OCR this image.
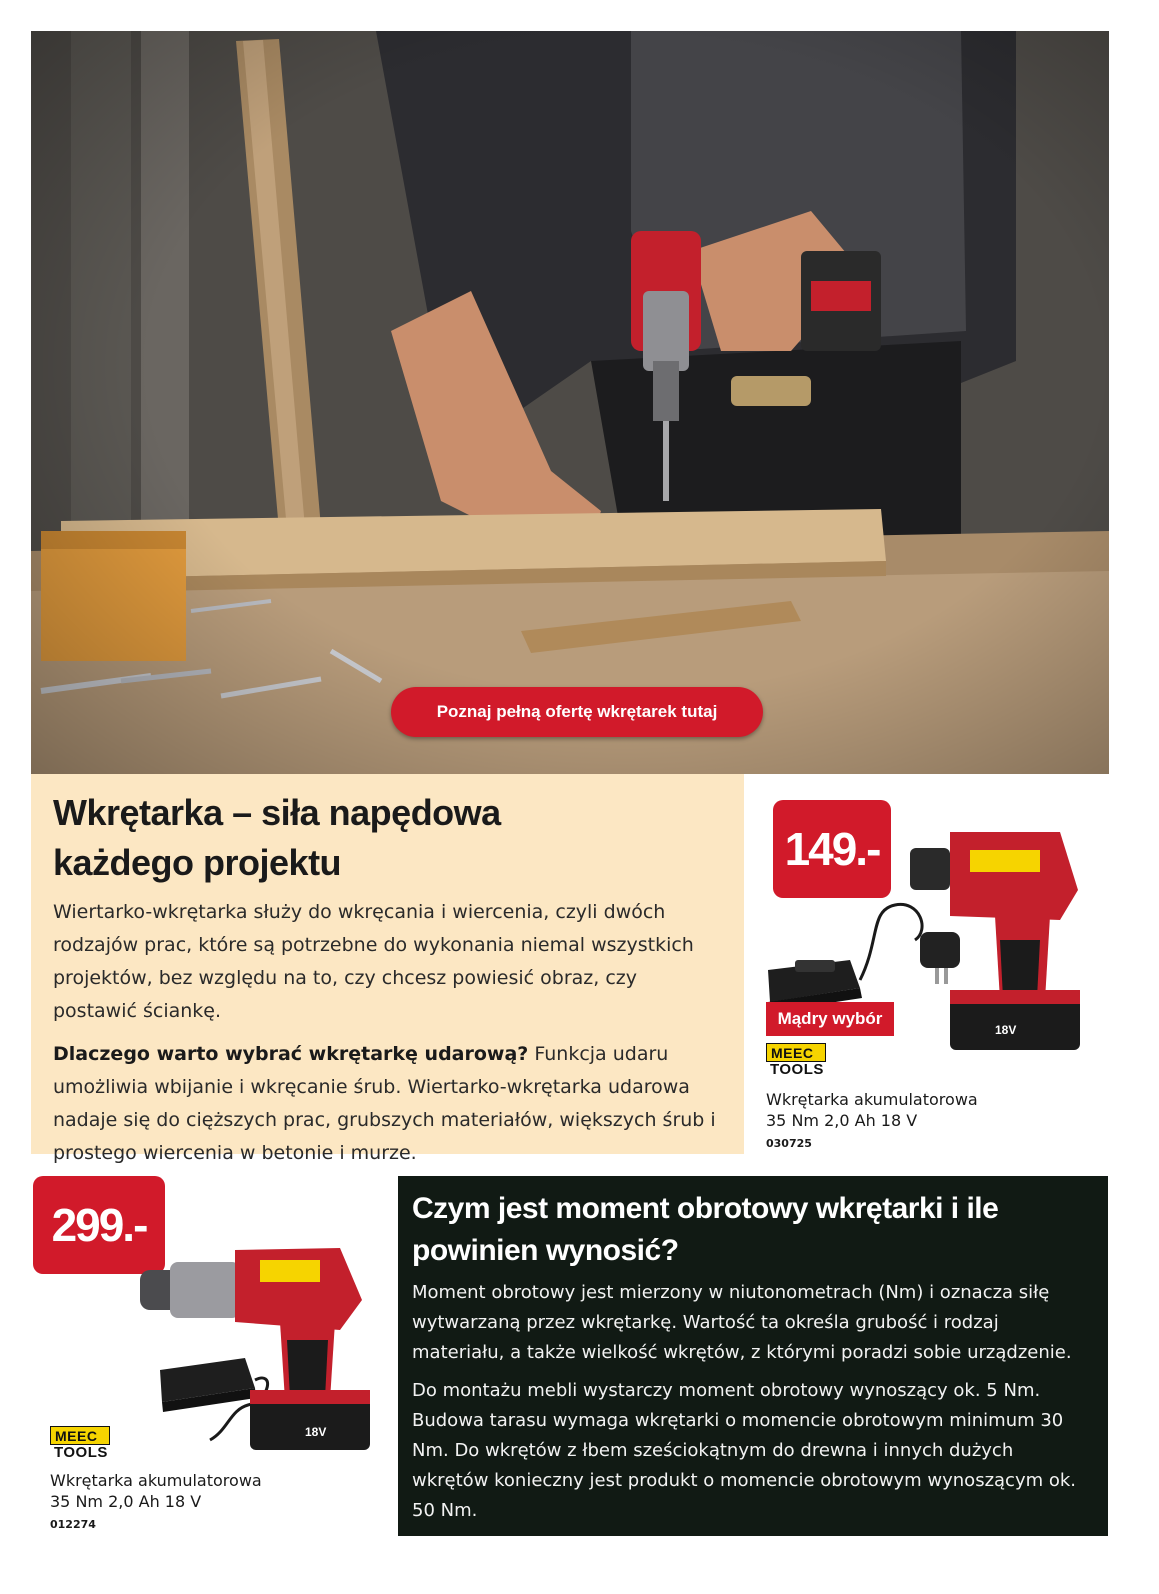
Poznaj pełną ofertę wkrętarek tutaj
Wkrętarka – siła napędowa
każdego projektu

Wiertarko-wkrętarka służy do wkręcania i wiercenia, czyli dwóch rodzajów prac, które są potrzebne do wykonania niemal wszystkich projektów, bez względu na to, czy chcesz powiesić obraz, czy postawić ściankę.

Dlaczego warto wybrać wkrętarkę udarową? Funkcja udaru umożliwia wbijanie i wkręcanie śrub. Wiertarko-wkrętarka udarowa nadaje się do cięższych prac, grubszych materiałów, większych śrub i prostego wiercenia w betonie i murze.

18V
149.-
Mądry wybór
MEEC
TOOLS
Wkrętarka akumulatorowa
35 Nm 2,0 Ah 18 V
030725
299.-
18V
MEEC
TOOLS
Wkrętarka akumulatorowa
35 Nm 2,0 Ah 18 V
012274
Czym jest moment obrotowy wkrętarki i ile
powinien wynosić?

Moment obrotowy jest mierzony w niutonometrach (Nm) i oznacza siłę wytwarzaną przez wkrętarkę. Wartość ta określa grubość i rodzaj materiału, a także wielkość wkrętów, z którymi poradzi sobie urządzenie.

Do montażu mebli wystarczy moment obrotowy wynoszący ok. 5 Nm. Budowa tarasu wymaga wkrętarki o momencie obrotowym minimum 30 Nm. Do wkrętów z łbem sześciokątnym do drewna i innych dużych wkrętów konieczny jest produkt o momencie obrotowym wynoszącym ok. 50 Nm.
